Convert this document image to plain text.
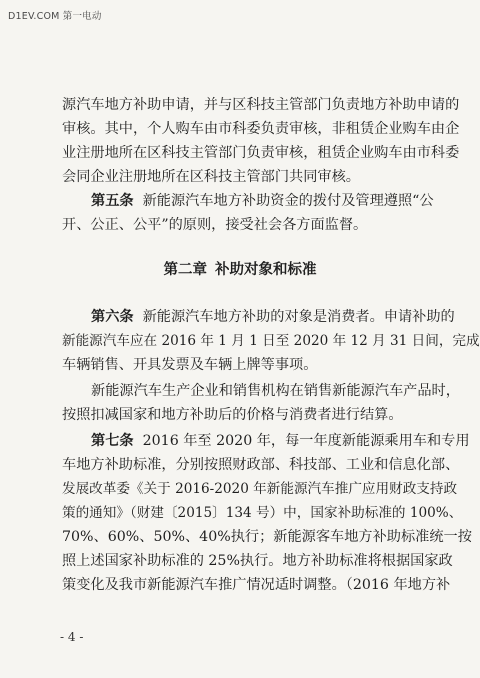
D1EV.COM 第一电动
源汽车地方补助申请，并与区科技主管部门负责地方补助申请的
审核。其中，个人购车由市科委负责审核，非租赁企业购车由企
业注册地所在区科技主管部门负责审核，租赁企业购车由市科委
会同企业注册地所在区科技主管部门共同审核。
第五条 新能源汽车地方补助资金的拨付及管理遵照“公
开、公正、公平”的原则，接受社会各方面监督。
第二章 补助对象和标准
第六条 新能源汽车地方补助的对象是消费者。申请补助的
新能源汽车应在 2016 年 1 月 1 日至 2020 年 12 月 31 日间，完成
车辆销售、开具发票及车辆上牌等事项。
新能源汽车生产企业和销售机构在销售新能源汽车产品时，
按照扣减国家和地方补助后的价格与消费者进行结算。
第七条 2016 年至 2020 年，每一年度新能源乘用车和专用
车地方补助标准，分别按照财政部、科技部、工业和信息化部、
发展改革委《关于 2016-2020 年新能源汽车推广应用财政支持政
策的通知》（财建〔2015〕134 号）中，国家补助标准的 100%、
70%、60%、50%、40%执行；新能源客车地方补助标准统一按
照上述国家补助标准的 25%执行。地方补助标准将根据国家政
策变化及我市新能源汽车推广情况适时调整。（2016 年地方补
- 4 -
